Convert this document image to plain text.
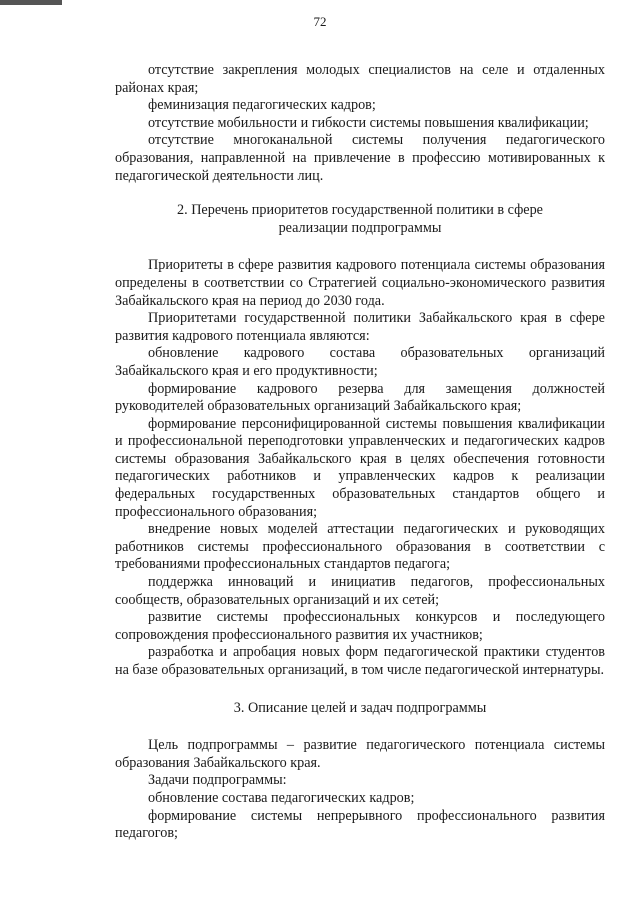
72

отсутствие закрепления молодых специалистов на селе и отдаленных районах края;

феминизация педагогических кадров;

отсутствие мобильности и гибкости системы повышения квалификации;

отсутствие многоканальной системы получения педагогического образования, направленной на привлечение в профессию мотивированных к педагогической деятельности лиц.

2. Перечень приоритетов государственной политики в сфере

реализации подпрограммы

Приоритеты в сфере развития кадрового потенциала системы образования определены в соответствии со Стратегией социально-экономического развития Забайкальского края на период до 2030 года.

Приоритетами государственной политики Забайкальского края в сфере развития кадрового потенциала являются:

обновление кадрового состава образовательных организаций Забайкальского края и его продуктивности;

формирование кадрового резерва для замещения должностей руководителей образовательных организаций Забайкальского края;

формирование персонифицированной системы повышения квалификации и профессиональной переподготовки управленческих и педагогических кадров системы образования Забайкальского края в целях обеспечения готовности педагогических работников и управленческих кадров к реализации федеральных государственных образовательных стандартов общего и профессионального образования;

внедрение новых моделей аттестации педагогических и руководящих работников системы профессионального образования в соответствии с требованиями профессиональных стандартов педагога;

поддержка инноваций и инициатив педагогов, профессиональных сообществ, образовательных организаций и их сетей;

развитие системы профессиональных конкурсов и последующего сопровождения профессионального развития их участников;

разработка и апробация новых форм педагогической практики студентов на базе образовательных организаций, в том числе педагогической интернатуры.

3. Описание целей и задач подпрограммы

Цель подпрограммы – развитие педагогического потенциала системы образования Забайкальского края.

Задачи подпрограммы:

обновление состава педагогических кадров;

формирование системы непрерывного профессионального развития педагогов;
